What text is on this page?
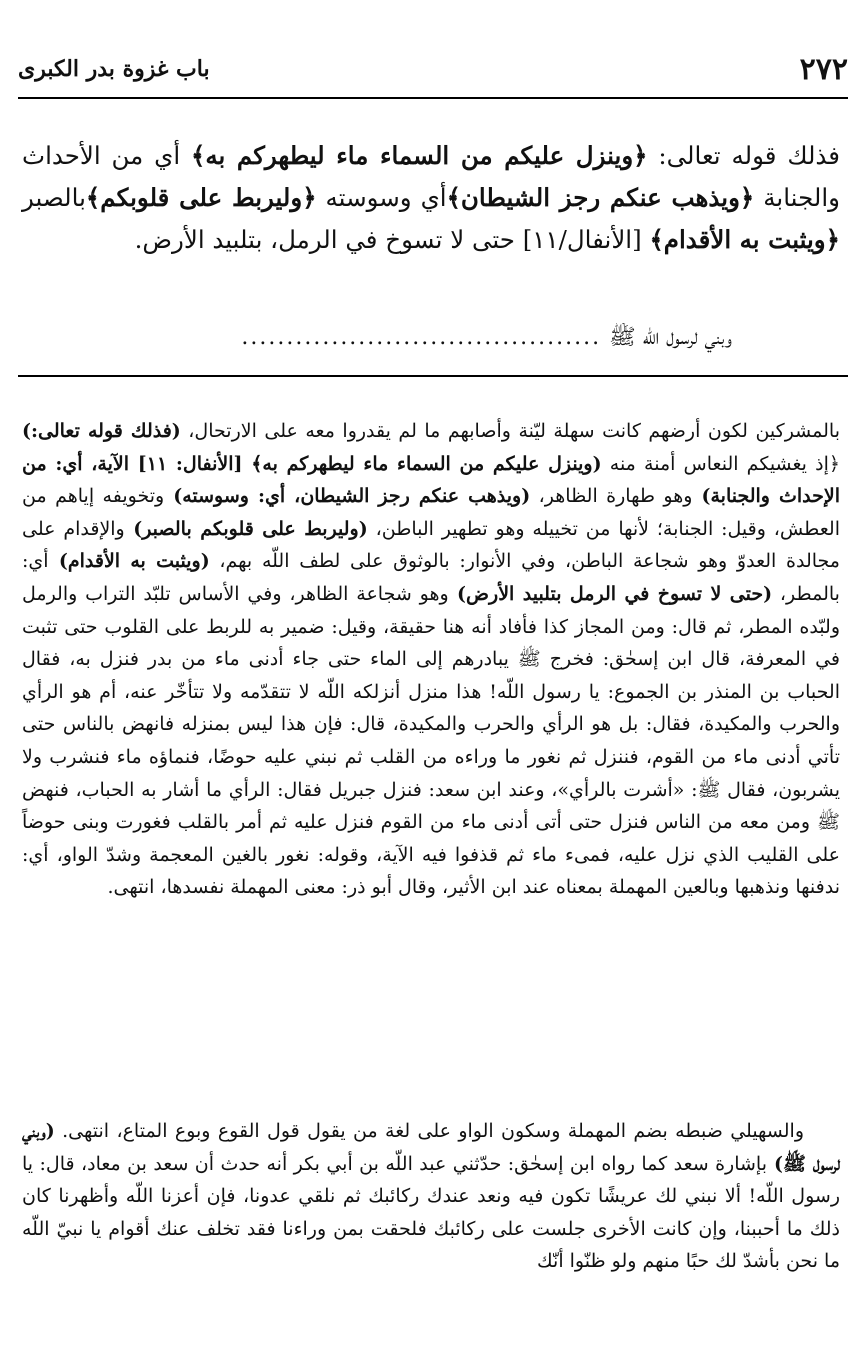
٢٧٢
باب غزوة بدر الكبرى

فذلك قوله تعالى: ﴿وينزل عليكم من السماء ماء ليطهركم به﴾ أي من الأحداث والجنابة ﴿ويذهب عنكم رجز الشيطان﴾أي وسوسته ﴿وليربط على قلوبكم﴾بالصبر ﴿ويثبت به الأقدام﴾ [الأنفال/١١] حتى لا تسوخ في الرمل، بتلبيد الأرض.

وبني لرسول الله ﷺ........................................

بالمشركين لكون أرضهم كانت سهلة ليّنة وأصابهم ما لم يقدروا معه على الارتحال، (فذلك قوله تعالى:) ﴿إذ يغشيكم النعاس أمنة منه (وينزل عليكم من السماء ماء ليطهركم به﴾ [الأنفال: ١١] الآية، أي: من الإحداث والجنابة) وهو طهارة الظاهر، (ويذهب عنكم رجز الشيطان، أي: وسوسته) وتخويفه إياهم من العطش، وقيل: الجنابة؛ لأنها من تخييله وهو تطهير الباطن، (وليربط على قلوبكم بالصبر) والإقدام على مجالدة العدوّ وهو شجاعة الباطن، وفي الأنوار: بالوثوق على لطف اللّه بهم، (ويثبت به الأقدام) أي: بالمطر، (حتى لا تسوخ في الرمل بتلبيد الأرض) وهو شجاعة الظاهر، وفي الأساس تلبّد التراب والرمل ولبّده المطر، ثم قال: ومن المجاز كذا فأفاد أنه هنا حقيقة، وقيل: ضمير به للربط على القلوب حتى تثبت في المعرفة، قال ابن إسحٰق: فخرج ﷺ يبادرهم إلى الماء حتى جاء أدنى ماء من بدر فنزل به، فقال الحباب بن المنذر بن الجموع: يا رسول اللّه! هذا منزل أنزلكه اللّه لا تتقدّمه ولا تتأخّر عنه، أم هو الرأي والحرب والمكيدة، فقال: بل هو الرأي والحرب والمكيدة، قال: فإن هذا ليس بمنزله فانهض بالناس حتى تأتي أدنى ماء من القوم، فننزل ثم نغور ما وراءه من القلب ثم نبني عليه حوضًا، فنماؤه ماء فنشرب ولا يشربون، فقال ﷺ: «أشرت بالرأي»، وعند ابن سعد: فنزل جبريل فقال: الرأي ما أشار به الحباب، فنهض ﷺ ومن معه من الناس فنزل حتى أتى أدنى ماء من القوم فنزل عليه ثم أمر بالقلب فغورت وبنى حوضاً على القليب الذي نزل عليه، فمىء ماء ثم قذفوا فيه الآية، وقوله: نغور بالغين المعجمة وشدّ الواو، أي: ندفنها ونذهبها وبالعين المهملة بمعناه عند ابن الأثير، وقال أبو ذر: معنى المهملة نفسدها، انتهى.

والسهيلي ضبطه بضم المهملة وسكون الواو على لغة من يقول قول القوع وبوع المتاع، انتهى. (وبني لرسول ﷺ) بإشارة سعد كما رواه ابن إسحٰق: حدّثني عبد اللّه بن أبي بكر أنه حدث أن سعد بن معاد، قال: يا رسول اللّه! ألا نبني لك عريشًا تكون فيه ونعد عندك ركائبك ثم نلقي عدونا، فإن أعزنا اللّه وأظهرنا كان ذلك ما أحببنا، وإن كانت الأخرى جلست على ركائبك فلحقت بمن وراءنا فقد تخلف عنك أقوام يا نبيّ اللّه ما نحن بأشدّ لك حبًا منهم ولو ظنّوا أنّك
